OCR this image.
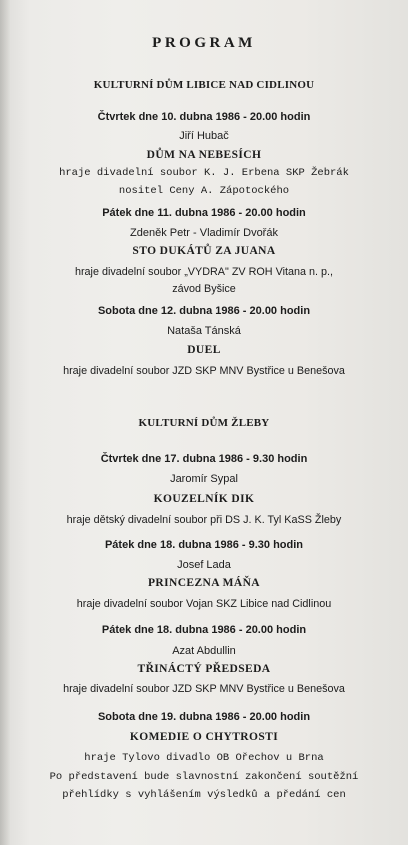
PROGRAM
KULTURNÍ DŮM LIBICE NAD CIDLINOU
Čtvrtek dne 10. dubna 1986 - 20.00 hodin
Jiří Hubač
DŮM NA NEBESÍCH
hraje divadelní soubor K. J. Erbena SKP Žebrák
nositel Ceny A. Zápotockého
Pátek dne 11. dubna 1986 - 20.00 hodin
Zdeněk Petr - Vladimír Dvořák
STO DUKÁTŮ ZA JUANA
hraje divadelní soubor „VYDRA" ZV ROH Vitana n. p.,
závod Byšice
Sobota dne 12. dubna 1986 - 20.00 hodin
Nataša Tánská
DUEL
hraje divadelní soubor JZD SKP MNV Bystřice u Benešova
KULTURNÍ DŮM ŽLEBY
Čtvrtek dne 17. dubna 1986 - 9.30 hodin
Jaromír Sypal
KOUZELNÍK DIK
hraje dětský divadelní soubor při DS J. K. Tyl KaSS Žleby
Pátek dne 18. dubna 1986 - 9.30 hodin
Josef Lada
PRINCEZNA MÁŇA
hraje divadelní soubor Vojan SKZ Libice nad Cidlinou
Pátek dne 18. dubna 1986 - 20.00 hodin
Azat Abdullin
TŘINÁCTÝ PŘEDSEDA
hraje divadelní soubor JZD SKP MNV Bystřice u Benešova
Sobota dne 19. dubna 1986 - 20.00 hodin
KOMEDIE O CHYTROSTI
hraje Tylovo divadlo OB Ořechov u Brna
Po představení bude slavnostní zakončení soutěžní
přehlídky s vyhlášením výsledků a předání cen
